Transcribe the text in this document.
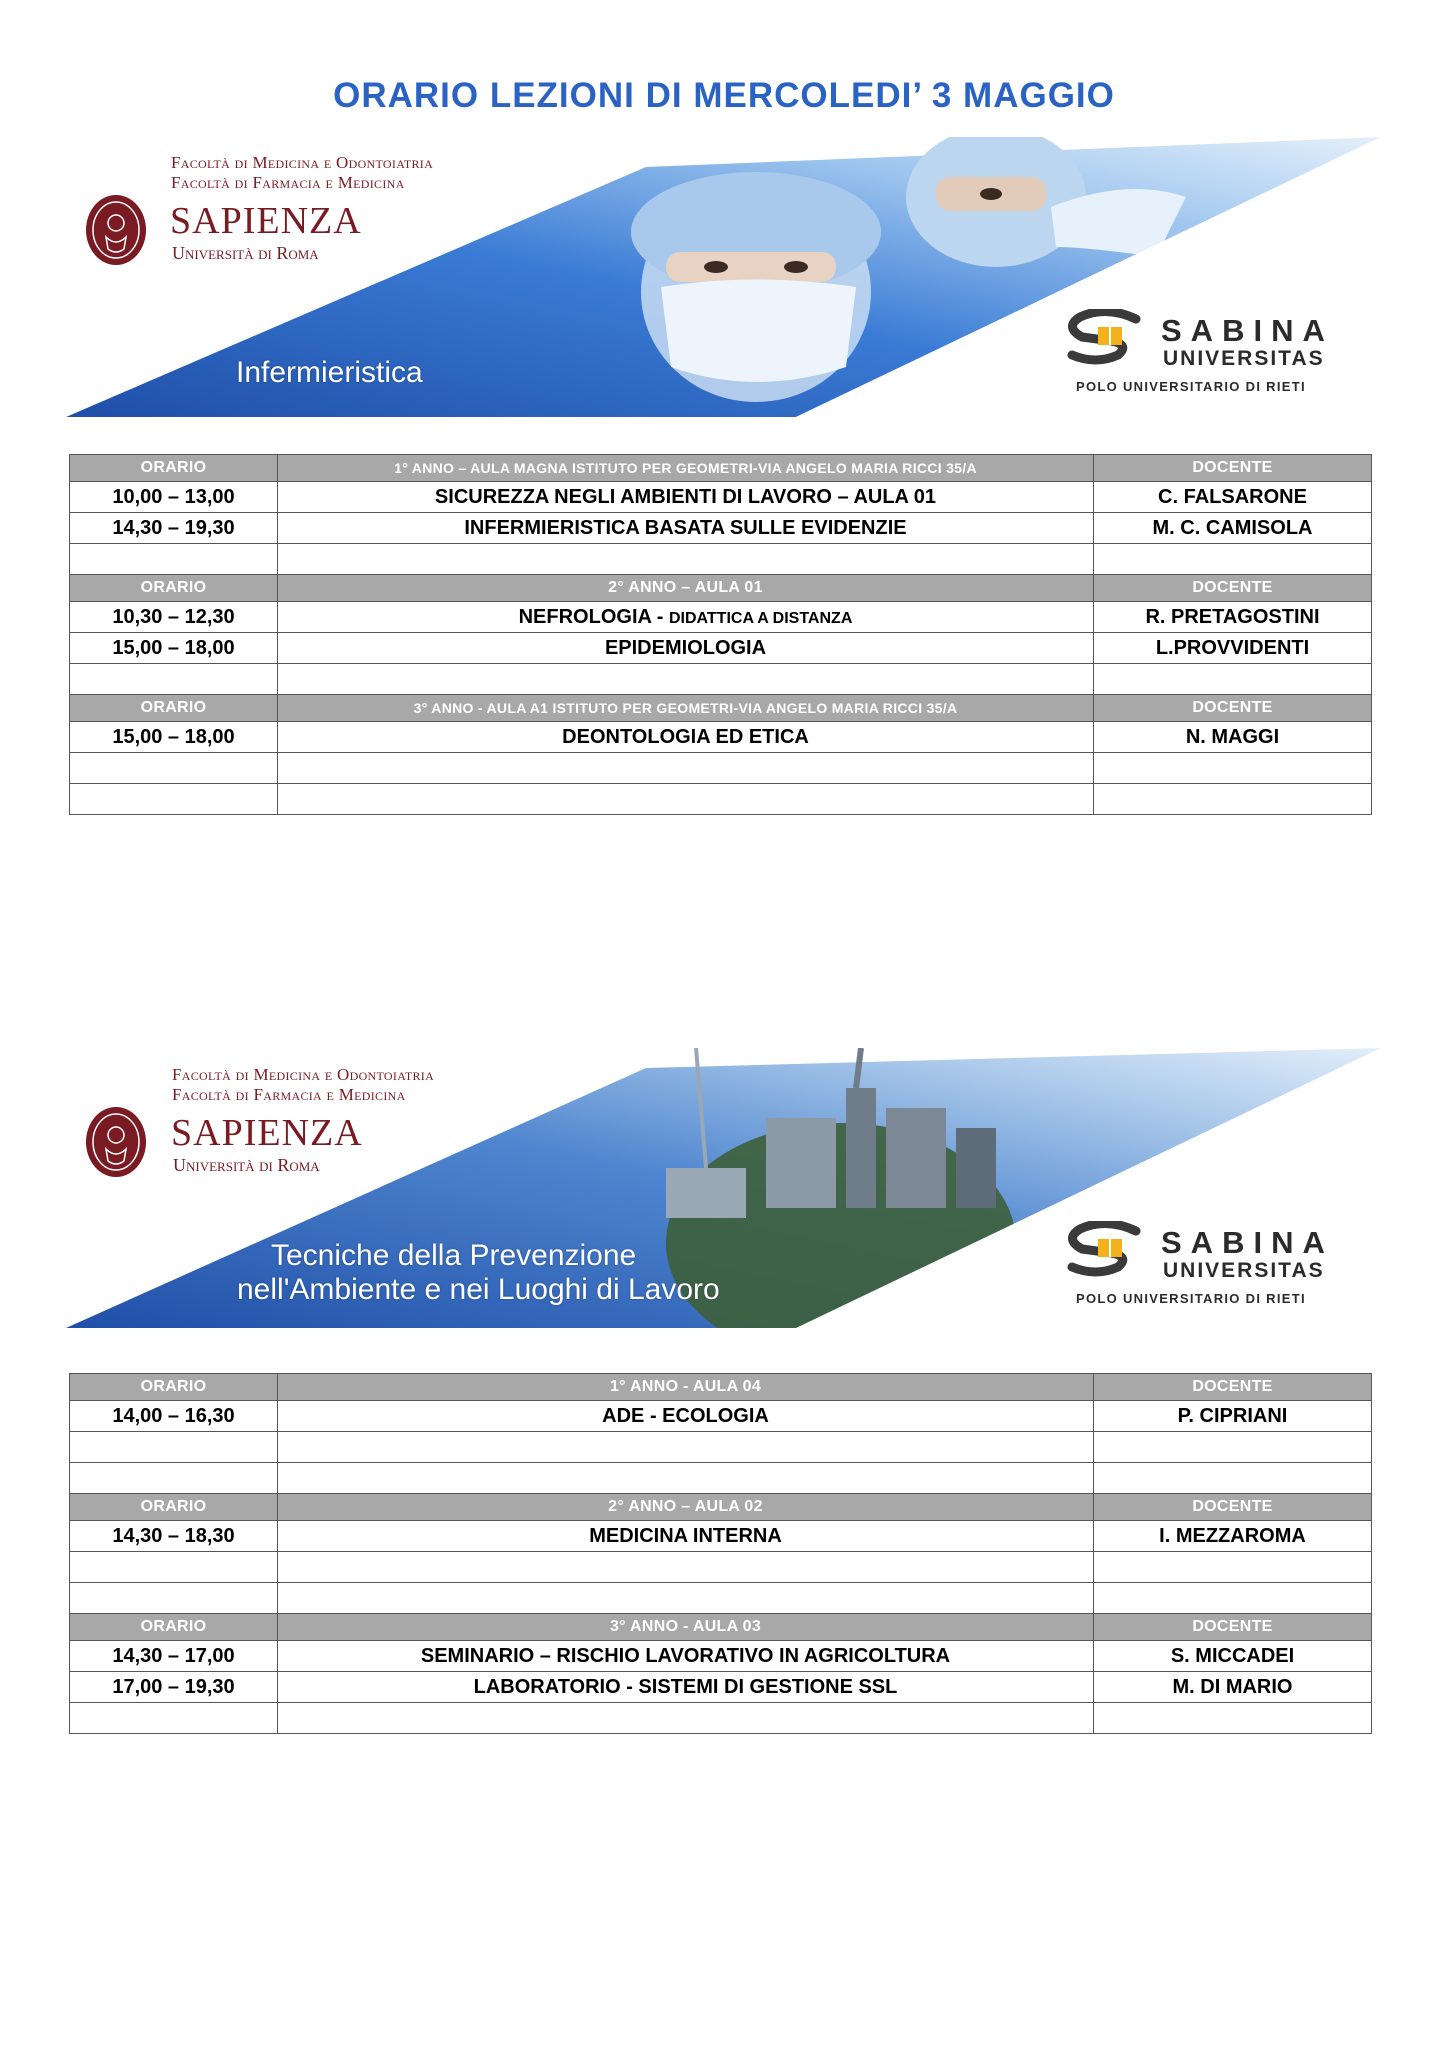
ORARIO LEZIONI DI MERCOLEDI’ 3 MAGGIO
Facoltà di Medicina e Odontoiatria
Facoltà di Farmacia e Medicina
SAPIENZA
Università di Roma
Infermieristica
SABINA
UNIVERSITAS
POLO UNIVERSITARIO DI RIETI
ORARIO	1° ANNO – AULA MAGNA ISTITUTO PER GEOMETRI-VIA ANGELO MARIA RICCI 35/A	DOCENTE
10,00 – 13,00	SICUREZZA NEGLI AMBIENTI DI LAVORO – AULA 01	C. FALSARONE
14,30 – 19,30	INFERMIERISTICA BASATA SULLE EVIDENZIE	M. C. CAMISOLA

ORARIO	2° ANNO – AULA 01	DOCENTE
10,30 – 12,30	NEFROLOGIA - DIDATTICA A DISTANZA	R. PRETAGOSTINI
15,00 – 18,00	EPIDEMIOLOGIA	L.PROVVIDENTI

ORARIO	3° ANNO - AULA A1 ISTITUTO PER GEOMETRI-VIA ANGELO MARIA RICCI 35/A	DOCENTE
15,00 – 18,00	DEONTOLOGIA ED ETICA	N. MAGGI

Facoltà di Medicina e Odontoiatria
Facoltà di Farmacia e Medicina
SAPIENZA
Università di Roma
Tecniche della Prevenzione
nell'Ambiente e nei Luoghi di Lavoro
SABINA
UNIVERSITAS
POLO UNIVERSITARIO DI RIETI
ORARIO	1° ANNO - AULA 04	DOCENTE
14,00 – 16,30	ADE - ECOLOGIA	P. CIPRIANI

ORARIO	2° ANNO – AULA 02	DOCENTE
14,30 – 18,30	MEDICINA INTERNA	I. MEZZAROMA

ORARIO	3° ANNO - AULA 03	DOCENTE
14,30 – 17,00	SEMINARIO – RISCHIO LAVORATIVO IN AGRICOLTURA	S. MICCADEI
17,00 – 19,30	LABORATORIO - SISTEMI DI GESTIONE SSL	M. DI MARIO
